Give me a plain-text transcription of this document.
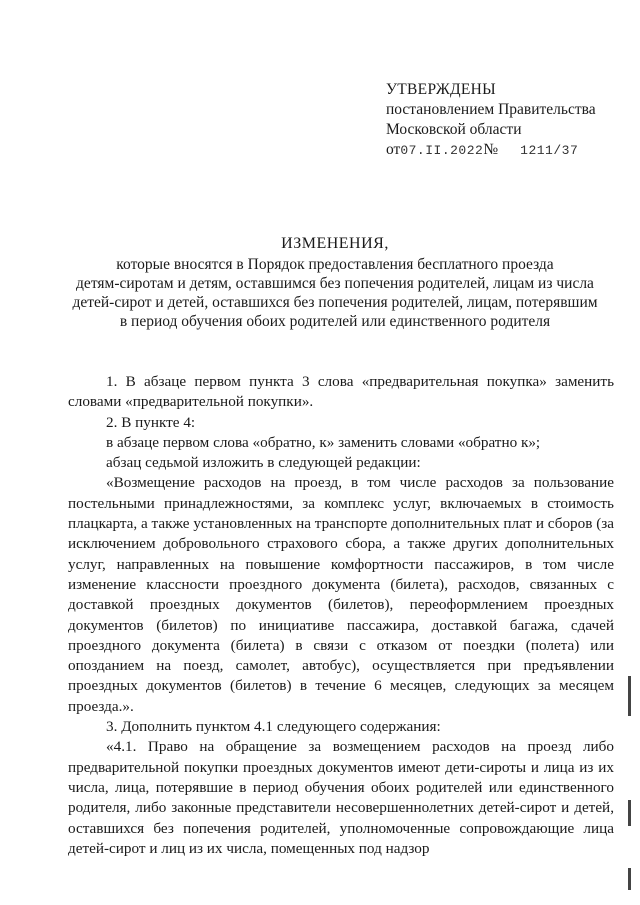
УТВЕРЖДЕНЫ
постановлением Правительства
Московской области
от07.II.2022№ 1211/37
ИЗМЕНЕНИЯ,
которые вносятся в Порядок предоставления бесплатного проезда
детям-сиротам и детям, оставшимся без попечения родителей, лицам из числа
детей-сирот и детей, оставшихся без попечения родителей, лицам, потерявшим
в период обучения обоих родителей или единственного родителя

1. В абзаце первом пункта 3 слова «предварительная покупка» заменить словами «предварительной покупки».

2. В пункте 4:

в абзаце первом слова «обратно, к» заменить словами «обратно к»;

абзац седьмой изложить в следующей редакции:

«Возмещение расходов на проезд, в том числе расходов за пользование постельными принадлежностями, за комплекс услуг, включаемых в стоимость плацкарта, а также установленных на транспорте дополнительных плат и сборов (за исключением добровольного страхового сбора, а также других дополнительных услуг, направленных на повышение комфортности пассажиров, в том числе изменение классности проездного документа (билета), расходов, связанных с доставкой проездных документов (билетов), переоформлением проездных документов (билетов) по инициативе пассажира, доставкой багажа, сдачей проездного документа (билета) в связи с отказом от поездки (полета) или опозданием на поезд, самолет, автобус), осуществляется при предъявлении проездных документов (билетов) в течение 6 месяцев, следующих за месяцем проезда.».

3. Дополнить пунктом 4.1 следующего содержания:

«4.1. Право на обращение за возмещением расходов на проезд либо предварительной покупки проездных документов имеют дети-сироты и лица из их числа, лица, потерявшие в период обучения обоих родителей или единственного родителя, либо законные представители несовершеннолетних детей-сирот и детей, оставшихся без попечения родителей, уполномоченные сопровождающие лица детей-сирот и лиц из их числа, помещенных под надзор
